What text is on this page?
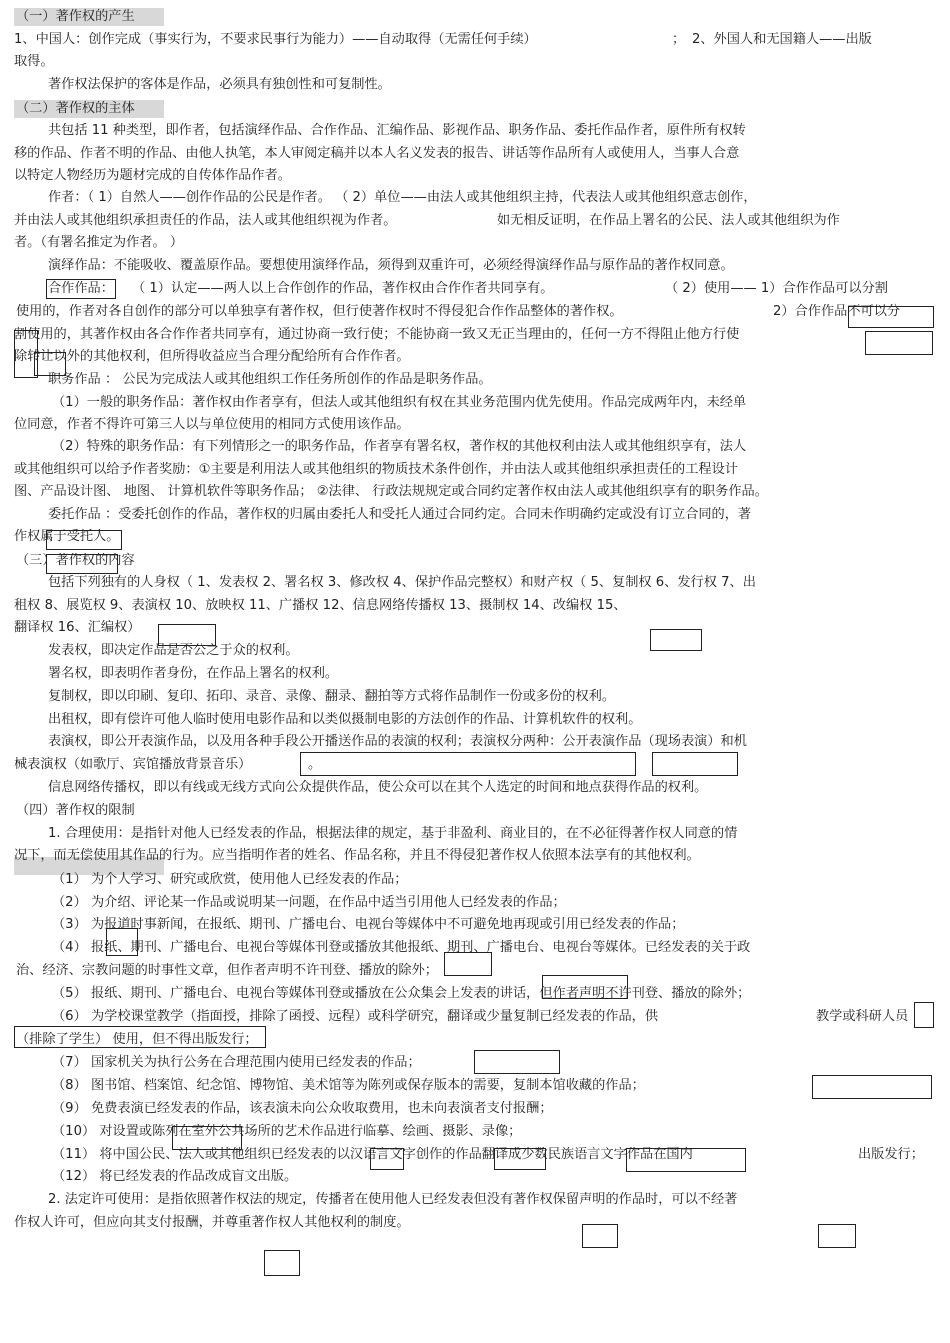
（一）著作权的产生
1、中国人：创作完成（事实行为，不要求民事行为能力）——自动取得（无需任何手续）	； 2、外国人和无国籍人——出版
取得。
著作权法保护的客体是作品，必须具有独创性和可复制性。
（二）著作权的主体
共包括 11 种类型，即作者，包括演绎作品、合作作品、汇编作品、影视作品、职务作品、委托作品作者，原件所有权转
移的作品、作者不明的作品、由他人执笔，本人审阅定稿并以本人名义发表的报告、讲话等作品所有人或使用人，当事人合意
以特定人物经历为题材完成的自传体作品作者。
作者：（ 1）自然人——创作作品的公民是作者。 （ 2）单位——由法人或其他组织主持，代表法人或其他组织意志创作，
并由法人或其他组织承担责任的作品，法人或其他组织视为作者。	如无相反证明，在作品上署名的公民、法人或其他组织为作
者。（有署名推定为作者。 ）
演绎作品：不能吸收、覆盖原作品。要想使用演绎作品，须得到双重许可，必须经得演绎作品与原作品的著作权同意。
合作作品： （ 1）认定——两人以上合作创作的作品，著作权由合作作者共同享有。	（ 2）使用—— 1）合作作品可以分割
使用的，作者对各自创作的部分可以单独享有著作权，但行使著作权时不得侵犯合作作品整体的著作权。	2）合作作品不可以分
割使用的，其著作权由各合作作者共同享有，通过协商一致行使；不能协商一致又无正当理由的，任何一方不得阻止他方行使
除转让以外的其他权利，但所得收益应当合理分配给所有合作作者。
职务作品 ： 公民为完成法人或其他组织工作任务所创作的作品是职务作品。
（1）一般的职务作品：著作权由作者享有，但法人或其他组织有权在其业务范围内优先使用。作品完成两年内，未经单
位同意，作者不得许可第三人以与单位使用的相同方式使用该作品。
（2）特殊的职务作品：有下列情形之一的职务作品，作者享有署名权，著作权的其他权利由法人或其他组织享有，法人
或其他组织可以给予作者奖励：①主要是利用法人或其他组织的物质技术条件创作，并由法人或其他组织承担责任的工程设计
图、产品设计图、 地图、 计算机软件等职务作品； ②法律、 行政法规规定或合同约定著作权由法人或其他组织享有的职务作品。
委托作品 ：受委托创作的作品，著作权的归属由委托人和受托人通过合同约定。合同未作明确约定或没有订立合同的，著
作权属于受托人。
（三）著作权的内容
包括下列独有的人身权（ 1、发表权 2、署名权 3、修改权 4、保护作品完整权）和财产权（ 5、复制权 6、发行权 7、出
租权 8、展览权 9、表演权 10、放映权 11、广播权 12、信息网络传播权 13、摄制权 14、改编权 15、
翻译权 16、汇编权）
发表权，即决定作品是否公之于众的权利。
署名权，即表明作者身份，在作品上署名的权利。
复制权，即以印刷、复印、拓印、录音、录像、翻录、翻拍等方式将作品制作一份或多份的权利。
出租权，即有偿许可他人临时使用电影作品和以类似摄制电影的方法创作的作品、计算机软件的权利。
表演权，即公开表演作品，以及用各种手段公开播送作品的表演的权利；表演权分两种：公开表演作品（现场表演）和机
械表演权（如歌厅、宾馆播放背景音乐）	。
信息网络传播权，即以有线或无线方式向公众提供作品，使公众可以在其个人选定的时间和地点获得作品的权利。
（四）著作权的限制
1. 合理使用：是指针对他人已经发表的作品，根据法律的规定，基于非盈利、商业目的，在不必征得著作权人同意的情
况下，而无偿使用其作品的行为。应当指明作者的姓名、作品名称，并且不得侵犯著作权人依照本法享有的其他权利。
（1） 为个人学习、研究或欣赏，使用他人已经发表的作品；
（2） 为介绍、评论某一作品或说明某一问题，在作品中适当引用他人已经发表的作品；
（3） 为报道时事新闻，在报纸、期刊、广播电台、电视台等媒体中不可避免地再现或引用已经发表的作品；
（4） 报纸、期刊、广播电台、电视台等媒体刊登或播放其他报纸、期刊、广播电台、电视台等媒体。已经发表的关于政
治、经济、宗教问题的时事性文章，但作者声明不许刊登、播放的除外；
（5） 报纸、期刊、广播电台、电视台等媒体刊登或播放在公众集会上发表的讲话，但作者声明不许刊登、播放的除外；
（6） 为学校课堂教学（指面授，排除了函授、远程）或科学研究，翻译或少量复制已经发表的作品，供	教学或科研人员
（排除了学生） 使用，但不得出版发行；
（7） 国家机关为执行公务在合理范围内使用已经发表的作品；
（8） 图书馆、档案馆、纪念馆、博物馆、美术馆等为陈列或保存版本的需要，复制本馆收藏的作品；
（9） 免费表演已经发表的作品，该表演未向公众收取费用，也未向表演者支付报酬；
（10） 对设置或陈列在室外公共场所的艺术作品进行临摹、绘画、摄影、录像；
（11） 将中国公民、法人或其他组织已经发表的以汉语言文字创作的作品翻译成少数民族语言文字作品在国内	出版发行；
（12） 将已经发表的作品改成盲文出版。
2. 法定许可使用：是指依照著作权法的规定，传播者在使用他人已经发表但没有著作权保留声明的作品时，可以不经著
作权人许可，但应向其支付报酬，并尊重著作权人其他权利的制度。
